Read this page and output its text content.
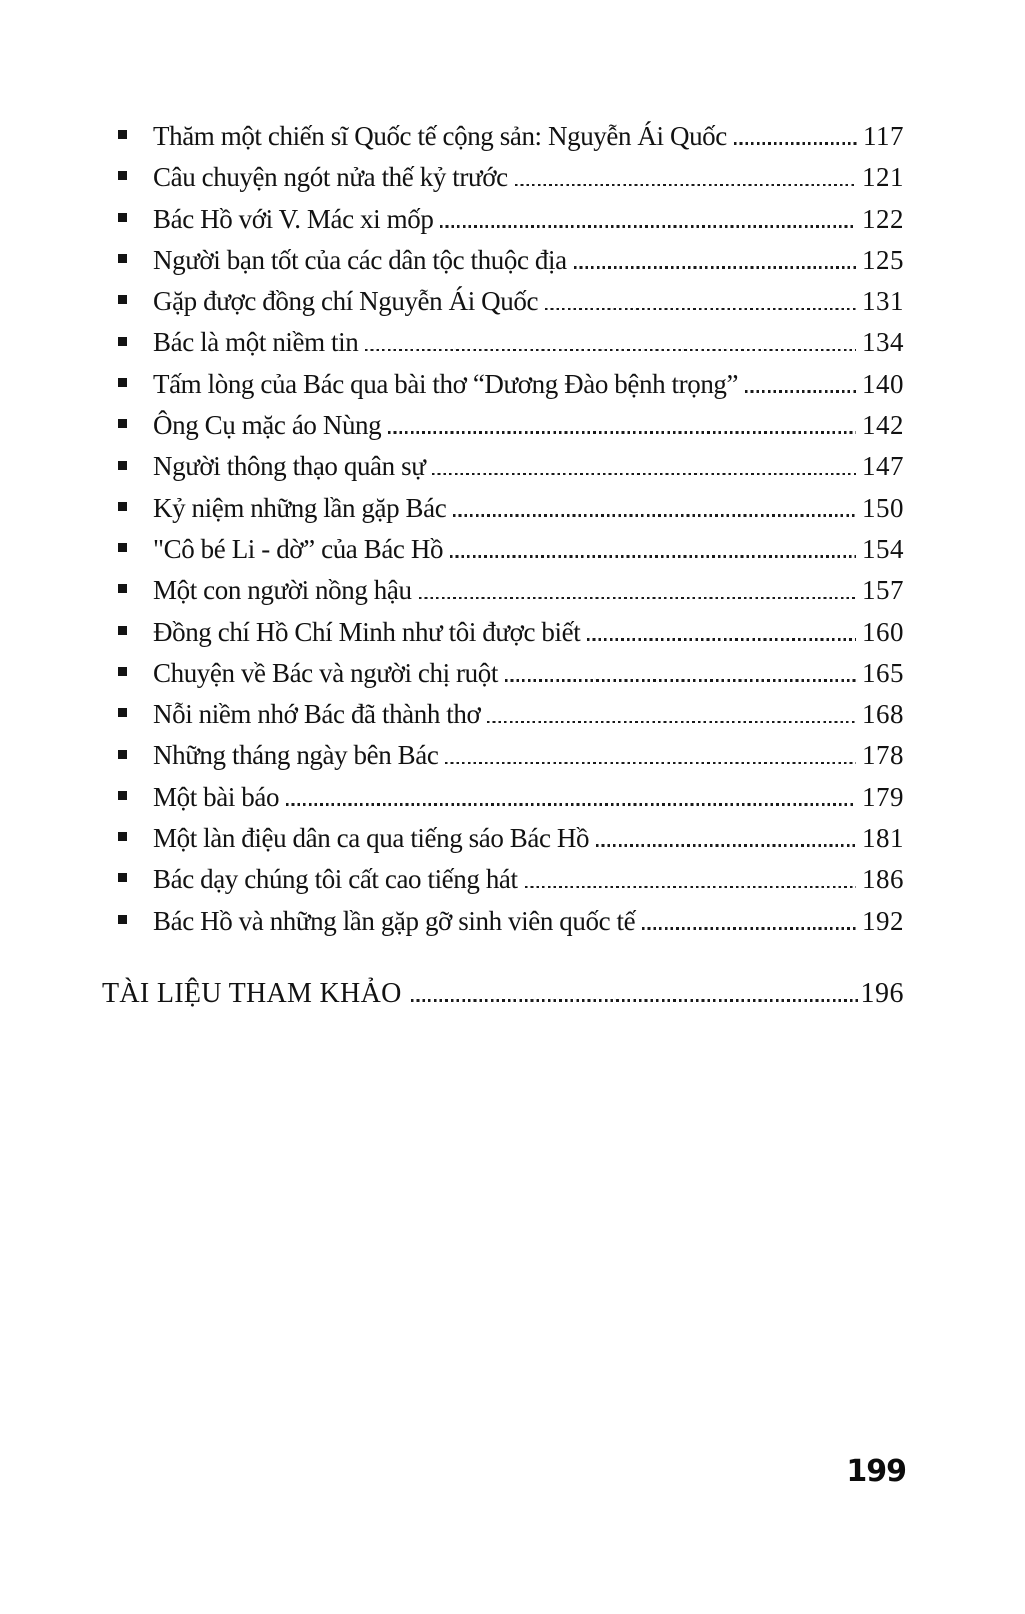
Thăm một chiến sĩ Quốc tế cộng sản: Nguyễn Ái Quốc	117
Câu chuyện ngót nửa thế kỷ trước	121
Bác Hồ với V. Mác xi mốp	122
Người bạn tốt của các dân tộc thuộc địa	125
Gặp được đồng chí Nguyễn Ái Quốc	131
Bác là một niềm tin	134
Tấm lòng của Bác qua bài thơ “Dương Đào bệnh trọng”	140
Ông Cụ mặc áo Nùng	142
Người thông thạo quân sự	147
Kỷ niệm những lần gặp Bác	150
"Cô bé Li - dờ” của Bác Hồ	154
Một con người nồng hậu	157
Đồng chí Hồ Chí Minh như tôi được biết	160
Chuyện về Bác và người chị ruột	165
Nỗi niềm nhớ Bác đã thành thơ	168
Những tháng ngày bên Bác	178
Một bài báo	179
Một làn điệu dân ca qua tiếng sáo Bác Hồ	181
Bác dạy chúng tôi cất cao tiếng hát	186
Bác Hồ và những lần gặp gỡ sinh viên quốc tế	192
TÀI LIỆU THAM KHẢO	196
199
